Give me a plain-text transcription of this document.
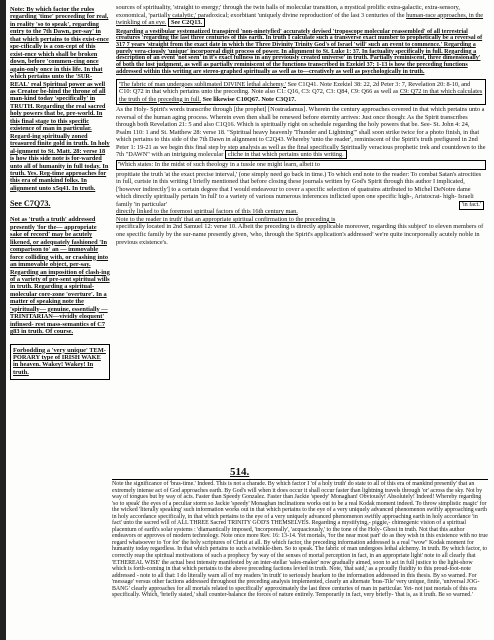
Note: By which factor the rules regarding 'time' proceeding for real, in reality 'so to speak', regarding entry to the 7th Dawn, per-say' in that which pertains to this exist-ence spe-cifically is a con-cept of this exist-ence which shall be broken down, before 'commen-cing once again-only once in this life. In that which pertains unto the 'SUR-REAL' real Spiritual power as well as Creator be-hind the throne of all man-kind today 'specifically' in TRUTH. Regarding the real sacred holy powers that be, pre-world. In this final stage to this specific existence of man in particular. Regard-ing spiritually zoned treasured finite gold in truth. In holy al-ignment to St. Matt. 28: verse 18 is how this side note is for-warded unto all of humanity in full today. In truth. Yes. Reg-time approaches for this era of mankind folks. In alignment unto x5q41. In truth.

See C7Q73.

Not as 'truth a truth' addressed presently 'for the— appropriate sake of record' may be acutely likened, or adequately fashioned 'In comparison to' an — immovable force colliding with, or crashing into an immovable object, per-say. Regarding an imposition of clash-ing of a variety of pre-sent spiritual wills in truth. Regarding a spiritual-molecular core-zone 'overture'. In a matter of speaking note the 'spiritually— genuine, essentially — TRINITARIAN—vividly eloquent' infinsed- rest mass-semantics of C7 g83 in truth. Of course.

Forbodding a 'very unique' TEM-PORARY type of IRISH WAKE in heaven. Wakey! Wakey! In truth.

sources of spirituality, 'straight to energy;' through the twin halls of molecular transition, a mystical prolific extra-galactic, extra-sensory, exonomical, 'partially catalytic,' paradoxical; exorbitant 'uniquely divine reproduction' of the last 3 centuries of the human-race approaches, in the twinkling of an eye. See C2Q13.

Regarding a vestibular systematized transpired 'non-ninetyfied' accurately devised 'troposcope molecular reassembled' of all terrestrial creatures 'regarding the last three centuries of this earth. In truth I calculate such a transverse exact number to prophetically be a reversal of 317 7 years 'straight from the exact date in which the Three Divinity Trinity God's of Israel 'will' such an event to commence.' Regarding a purely vera-ciously 'unique' incorporeal digit process of power. In alignment to St. Luke 1: 37. In factuality specifically in full. Regarding a description of an event 'not seen' in it's exact fullness in any previously created universe' in truth. Partially reminiscent, three dimensionally' of both the lost judgment, as well as partially reminiscent of the functions transcribed in Ezekiel 37: 1-13 is how the preceding functions addressed within this writing are stereo-graphed spiritually as well as to—creatively as well as psychologically in truth.

'The fabric of man undergoes sublimated DIVINE lethal alchemy.' See C1Q41. Note Ezekiel 38: 22, 2d Peter 3: 7, Revelation 20: 8-10, and C10: Q72 in that which pertains unto the preceding. Note also C1: Q16, C3: Q72, C3: Q84, C9: Q66 as well as C9: Q72 in that which calculates the truth of the preceding in full. See likewise C10Q67. Note C3Q17.

As the Holy- Spirit's words transcribe through [the prophet] [Nostradamus]. Wherein the century approaches covered in that which pertains unto a reversal of the human aging process. Wherein even then shall be renewed before eternity arrives: Just once though: As the Spirit transcribes through both Revelation 21: 5 and also C1Q16. Which is spiritually right on schedule regarding the holy powers that be. See- St. John 4: 24, Psalm 110: 1 and St. Matthew 28: verse 18. "Spiritual heavy heavenly 'Thunder and Lightning'" shall soon strike twice for a photo finish, in that which pertains to this side of the 7th Dawn in alignment to C2Q43. Whereby 'unto the reader', reminiscent of the Spirit's truth prefigured in 2nd Peter 1: 19-21 as we begin this final step by step analysis as well as the final specifically Spiritually veracious prophetic trek and countdown to the 7th "DAWN" with an intriguing molecular cliche in that which pertains unto this writing.

'Which states: In the midst of such theology in a tussle one might learn, albeit to
propitiate the truth 'at the exact precise interval,' (one simply need go back in time.) To which end note to the reader: To combat Satan's atrocities in full, curtsie in this writing I briefly mentioned that before closing these journals written by God's Spirit through this author I implicated, ['however indirectly'] to a certain degree that I would endeavour to cover a specific selection of quatrains attributed to Michel DeNotre dame which directly spiritually pertain 'in full' to a variety of various numerous inferences inflicted upon one specific high-, Aristocrat- high- Israeli family 'in particular'	'in fact.'

directly linked to the foremost spiritual factors of this 16th century man.

Note to the reader in truth' that an appropriate spiritual confirmation to the preceding is

specifically located in 2nd Samuel 12: verse 10. Albeit the preceding is directly applicable moreover, regarding this subject' to eleven members of one specific family by the sur-name presently given, 'who, through the Spirit's application's addressed' we're quite incorporeally acutely noble in previous existence's.

514.
Note the significance of 'bras-time.' Indeed. This is not a charade. By which factor I 'of a holy truth' do state to all of this era of mankind presently' that an extremely intense act of God approaches earth. By God's will when it does occur it shall occur faster than lightning travels through 'or' across the sky. Not by way of tongues but by way of acts. Faster than Speedy Gonzalez. Faster than Jackie 'speedy' Monaghan! Obviously! Absolutely! Indeed! Whereby regarding 'so to speak' the eyes of a peculiar storm so Jackie 'speedy' Monaghan inclinations works out to be a real Kodak moment indeed. To throw simplistic magic' for the wicked 'literally speaking' such information works out in that which pertains to the eye of a very uniquely advanced phenomenon swiftly approaching earth in holy accordance specifically, in that which pertains to the eye of a very uniquely advanced phenomenon swiftly approaching earth in holy accordance 'in fact' unto the sacred will of ALL THREE Sacred TRINITY GOD'S THEMSELVES. Regarding a mystifying,- piggie,- chimegenic vision of a spiritual placentum of earth's solar systems : 'diamantically imposed, 'incorporeally', 'acquaciously,' to the tone of the Holy- Ghost in truth. Not that this author endeavors or approves of modern technology. Note once more Rev. 16: 13-14. Yet mortals, 'for the near most part' do as they wish in this existence with no true regard whatsoever to 'for for' the holy scriptures of Christ at all. By which factor, the preceding information addressed is a real "wow" Kodak moment for humanity today regardless. In that which pertains to such a twinkle-then. So to speak. The fabric of man undergoes lethal alchemy. In truth. By which factor, to correctly reap the spiritual motivations of such a prophecy 'by way of the senses of mortal perception in fact, in an appropriate light' note to all clearly that 'ETHEREAL WISE' the actual best intensity manifested by an inter-stellar 'sales-maker' now gradually aimed, soon to act in full justice to the light-show which is forth-coming in that which pertains to the above preceding factions levied in truth. Note, 'that said,' as a proudly fluidity to this proud-foot-note addressed - note to all that: I do literally warn all of my readers 'in truth' to seriously hearken to the information addressed in this thesis. By so warned. For 'message' versus other factions addressed throughout the preceding analysis implemented, clearly an alternate 'bras-Tile' very unique, finite, 'universal JOG-BANG' clearly approaches for all mortals related to specifically' approximately the last three centuries of man in particular. Yet- not just mortals of this era specifically. Which, 'briefly stated,' shall counter-balance the forces of nature entirely. Temporarily in fact, very briefly- 'that is, as it truth. Be so warned.'
